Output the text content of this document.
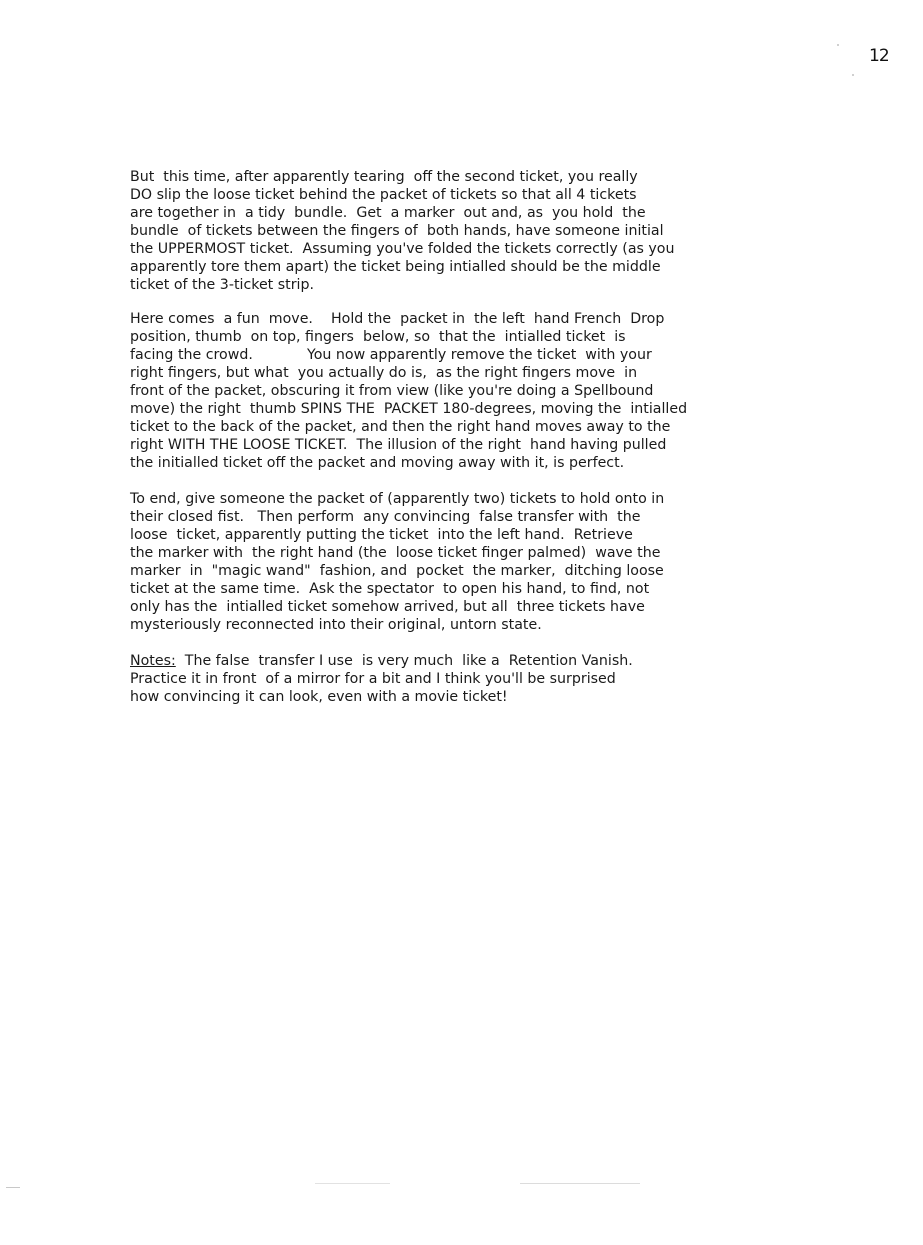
12
But  this time, after apparently tearing  off the second ticket, you really
DO slip the loose ticket behind the packet of tickets so that all 4 tickets
are together in  a tidy  bundle.  Get  a marker  out and, as  you hold  the
bundle  of tickets between the fingers of  both hands, have someone initial
the UPPERMOST ticket.  Assuming you've folded the tickets correctly (as you
apparently tore them apart) the ticket being intialled should be the middle
ticket of the 3-ticket strip.
Here comes  a fun  move.    Hold the  packet in  the left  hand French  Drop
position, thumb  on top, fingers  below, so  that the  intialled ticket  is
facing the crowd.            You now apparently remove the ticket  with your
right fingers, but what  you actually do is,  as the right fingers move  in
front of the packet, obscuring it from view (like you're doing a Spellbound
move) the right  thumb SPINS THE  PACKET 180-degrees, moving the  intialled
ticket to the back of the packet, and then the right hand moves away to the
right WITH THE LOOSE TICKET.  The illusion of the right  hand having pulled
the initialled ticket off the packet and moving away with it, is perfect.
To end, give someone the packet of (apparently two) tickets to hold onto in
their closed fist.   Then perform  any convincing  false transfer with  the
loose  ticket, apparently putting the ticket  into the left hand.  Retrieve
the marker with  the right hand (the  loose ticket finger palmed)  wave the
marker  in  "magic wand"  fashion, and  pocket  the marker,  ditching loose
ticket at the same time.  Ask the spectator  to open his hand, to find, not
only has the  intialled ticket somehow arrived, but all  three tickets have
mysteriously reconnected into their original, untorn state.
Notes:  The false  transfer I use  is very much  like a  Retention Vanish.
Practice it in front  of a mirror for a bit and I think you'll be surprised
how convincing it can look, even with a movie ticket!
